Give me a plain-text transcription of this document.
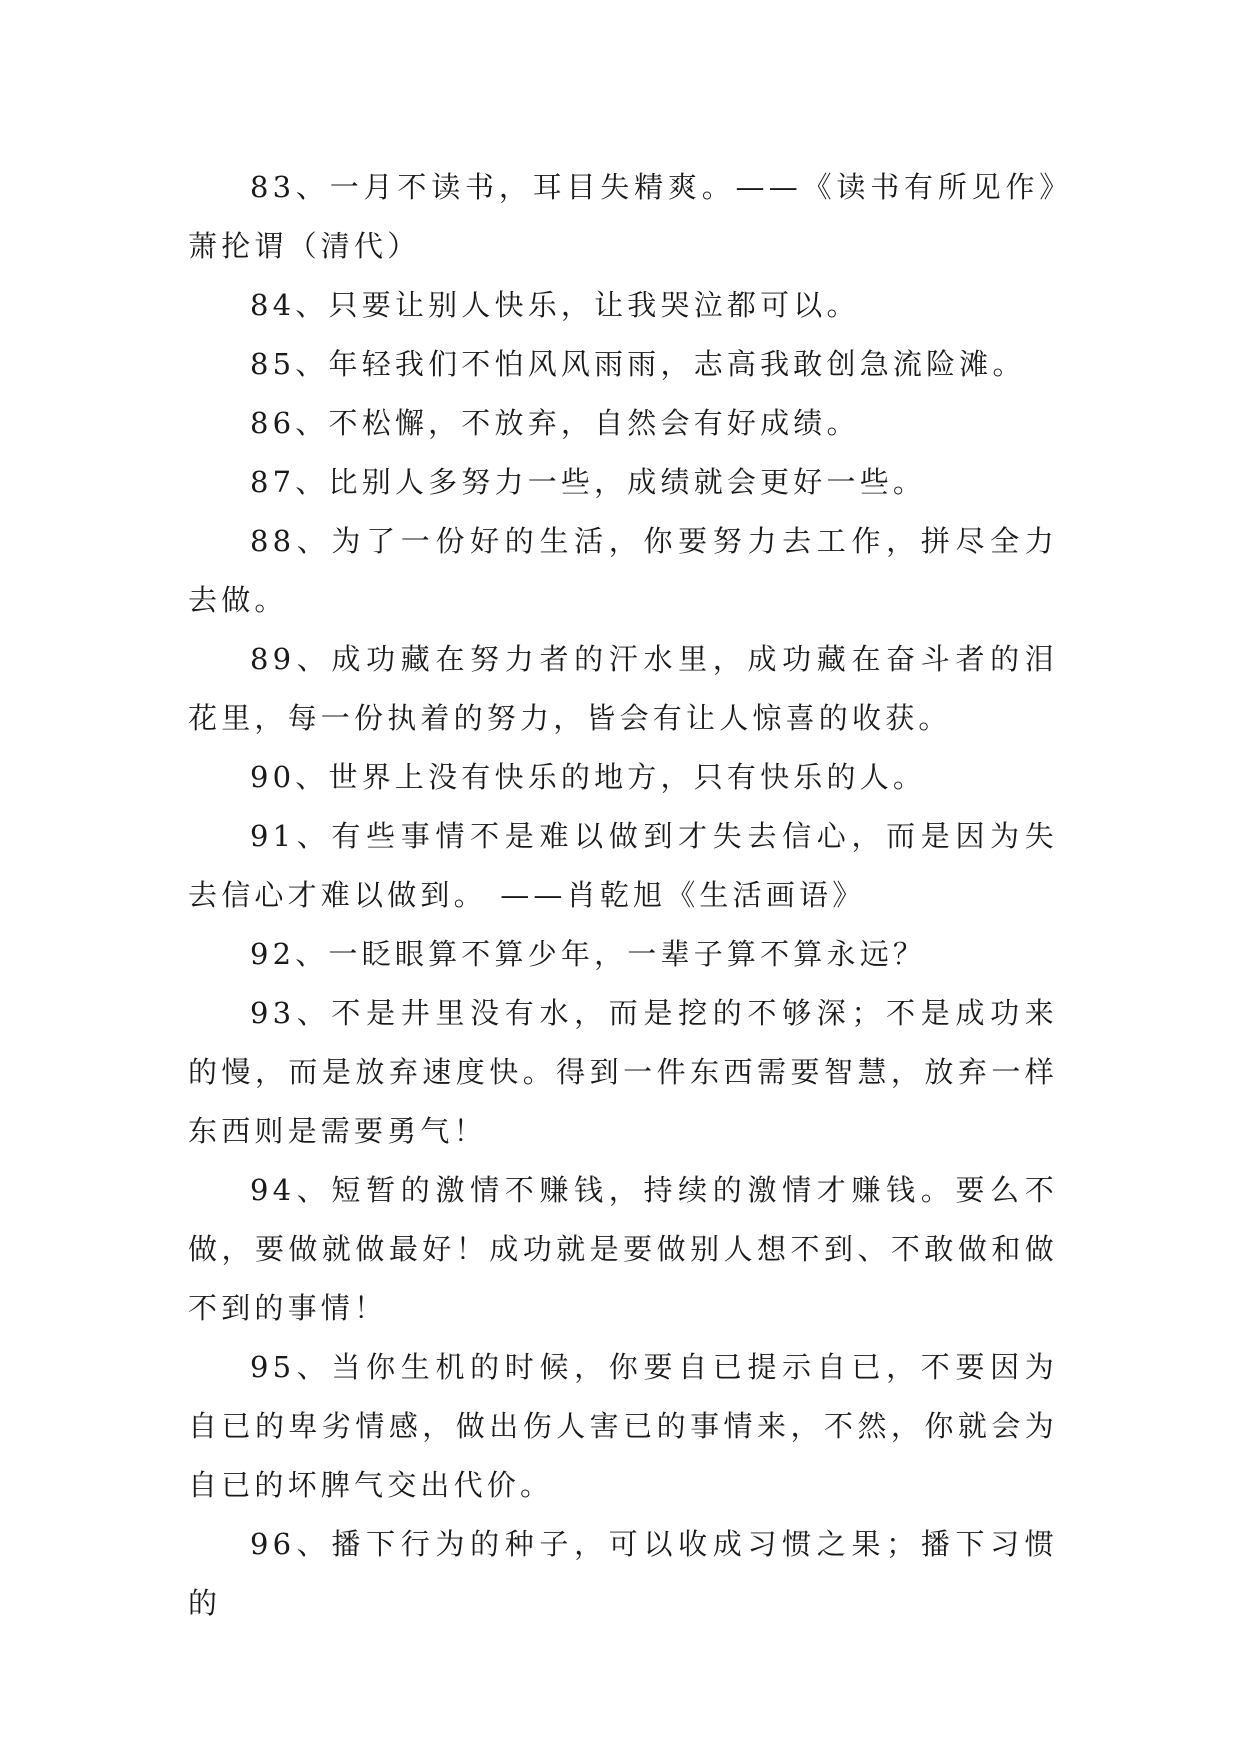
83、一月不读书，耳目失精爽。——《读书有所见作》萧抡谓（清代）

84、只要让别人快乐，让我哭泣都可以。

85、年轻我们不怕风风雨雨，志高我敢创急流险滩。

86、不松懈，不放弃，自然会有好成绩。

87、比别人多努力一些，成绩就会更好一些。

88、为了一份好的生活，你要努力去工作，拼尽全力去做。

89、成功藏在努力者的汗水里，成功藏在奋斗者的泪花里，每一份执着的努力，皆会有让人惊喜的收获。

90、世界上没有快乐的地方，只有快乐的人。

91、有些事情不是难以做到才失去信心，而是因为失去信心才难以做到。 ——肖乾旭《生活画语》

92、一眨眼算不算少年，一辈子算不算永远？

93、不是井里没有水，而是挖的不够深；不是成功来的慢，而是放弃速度快。得到一件东西需要智慧，放弃一样东西则是需要勇气！

94、短暂的激情不赚钱，持续的激情才赚钱。要么不做，要做就做最好！成功就是要做别人想不到、不敢做和做不到的事情！

95、当你生机的时候，你要自已提示自已，不要因为自已的卑劣情感，做出伤人害已的事情来，不然，你就会为自已的坏脾气交出代价。

96、播下行为的种子，可以收成习惯之果；播下习惯的
